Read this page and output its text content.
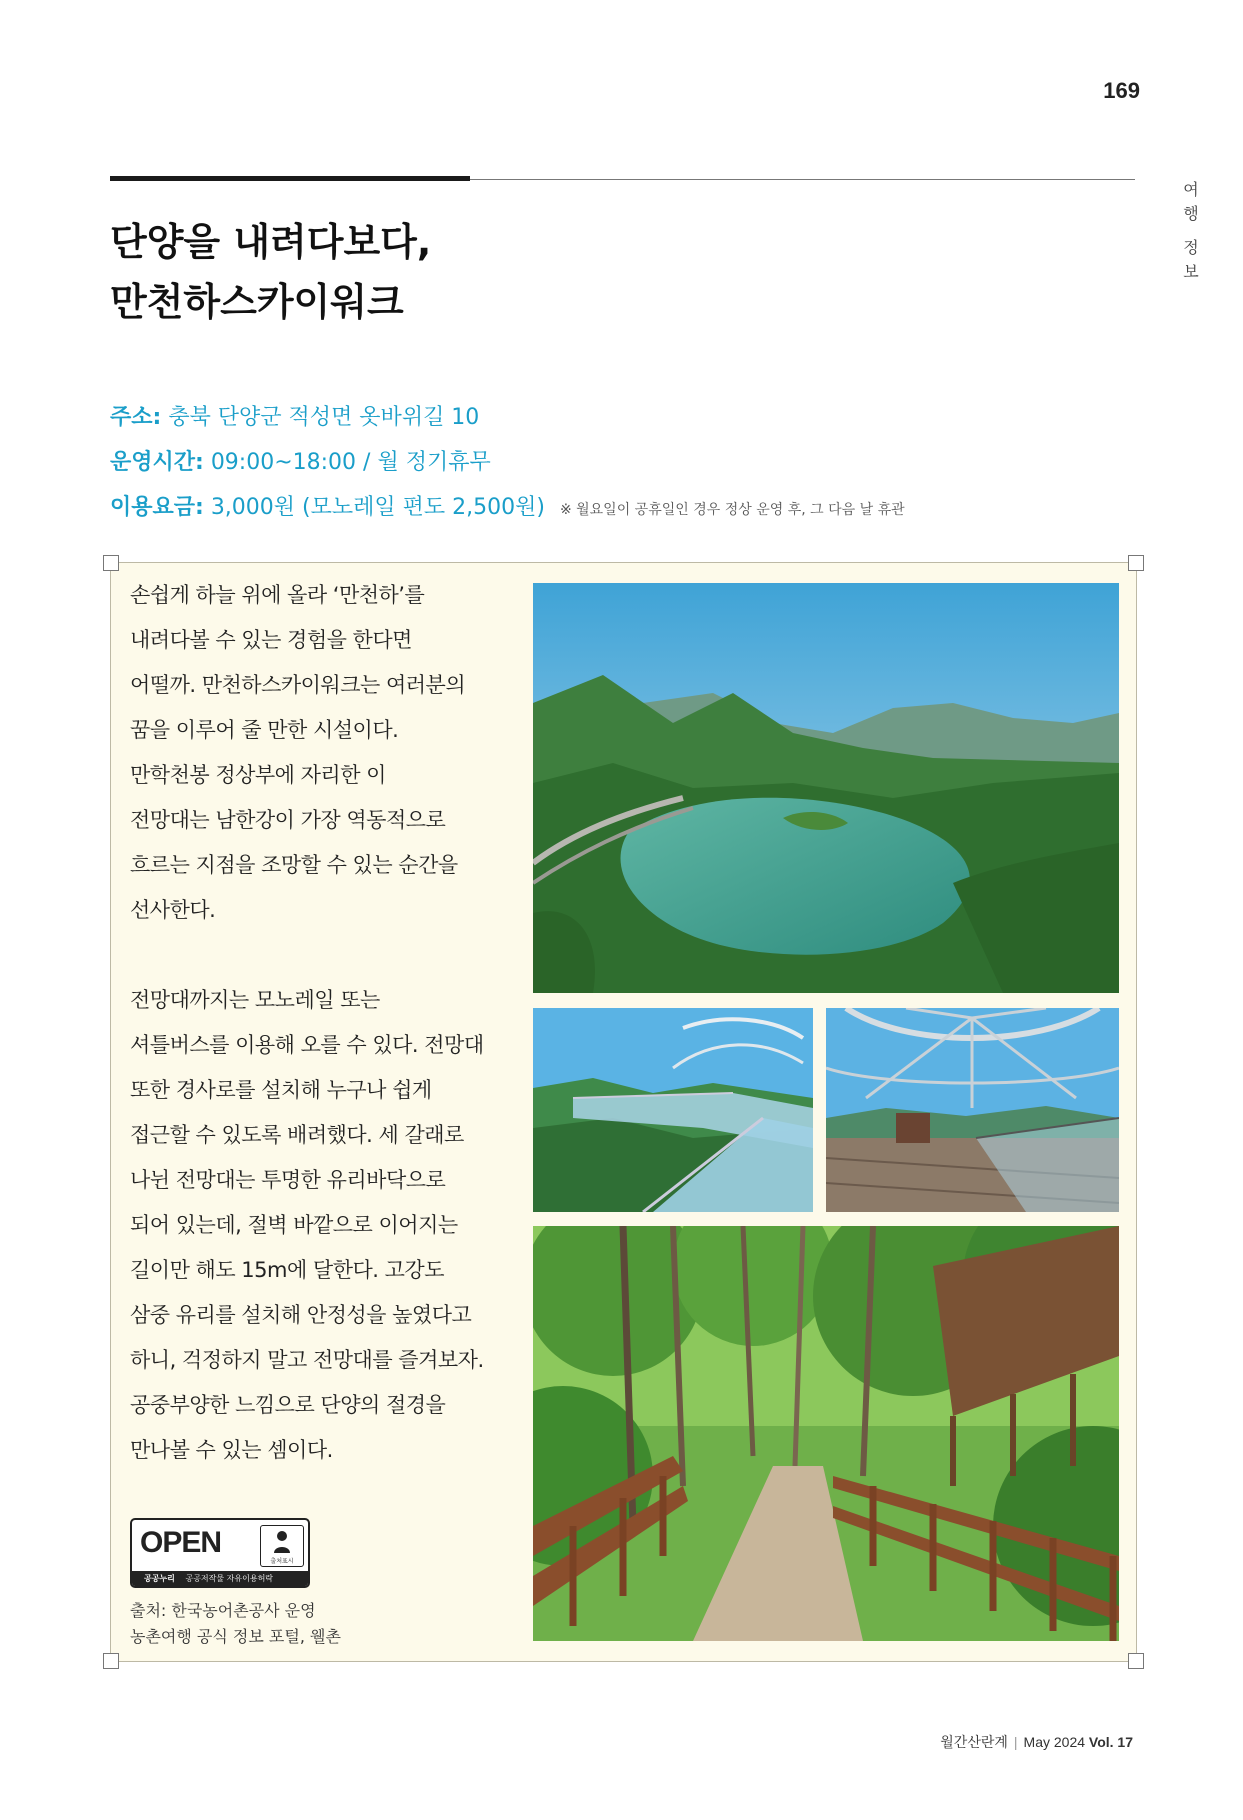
169
여
행
정
보
단양을 내려다보다,
만천하스카이워크
주소: 충북 단양군 적성면 옷바위길 10
운영시간: 09:00~18:00 / 월 정기휴무
이용요금: 3,000원 (모노레일 편도 2,500원) ※ 월요일이 공휴일인 경우 정상 운영 후, 그 다음 날 휴관
손쉽게 하늘 위에 올라 ‘만천하’를
내려다볼 수 있는 경험을 한다면
어떨까. 만천하스카이워크는 여러분의
꿈을 이루어 줄 만한 시설이다.
만학천봉 정상부에 자리한 이
전망대는 남한강이 가장 역동적으로
흐르는 지점을 조망할 수 있는 순간을
선사한다.
전망대까지는 모노레일 또는
셔틀버스를 이용해 오를 수 있다. 전망대
또한 경사로를 설치해 누구나 쉽게
접근할 수 있도록 배려했다. 세 갈래로
나뉜 전망대는 투명한 유리바닥으로
되어 있는데, 절벽 바깥으로 이어지는
길이만 해도 15m에 달한다. 고강도
삼중 유리를 설치해 안정성을 높였다고
하니, 걱정하지 말고 전망대를 즐겨보자.
공중부양한 느낌으로 단양의 절경을
만나볼 수 있는 셈이다.
OPEN
출처표시
공공누리 공공저작물 자유이용허락
출처: 한국농어촌공사 운영
농촌여행 공식 정보 포털, 웰촌
월간산란계 | May 2024 Vol. 17
